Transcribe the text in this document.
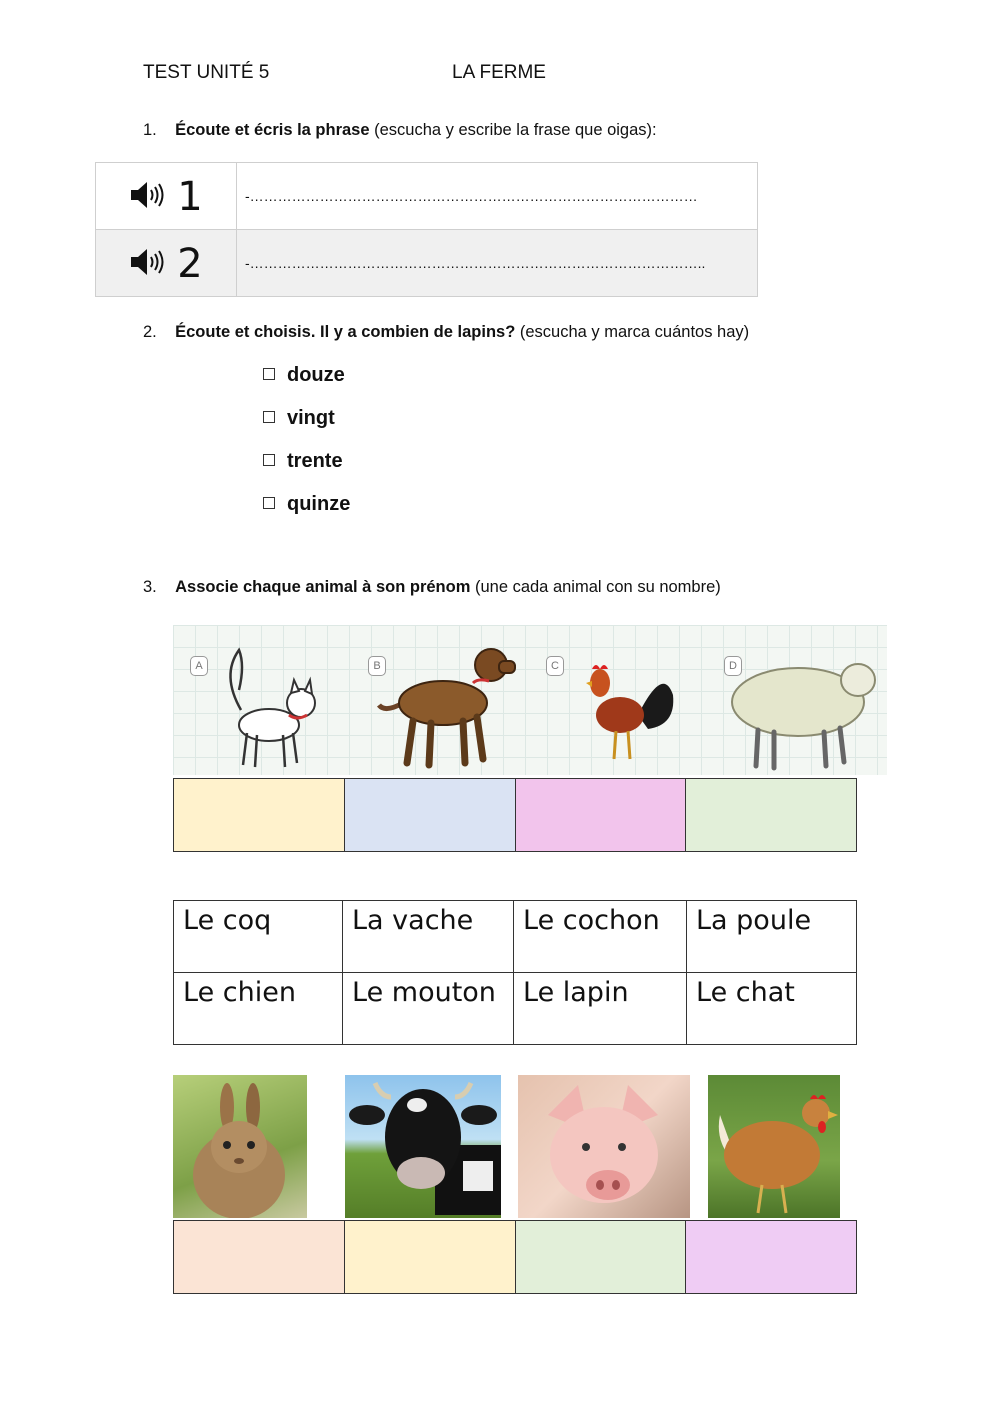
TEST UNITÉ 5	LA FERME
1. Écoute et écris la phrase (escucha y escribe la frase que oigas):
1	-……………………………………………………………………………………
2	-……………………………………………………………………………………..
2. Écoute et choisis. Il y a combien de lapins? (escucha y marca cuántos hay)
douze
vingt
trente
quinze
3. Associe chaque animal à son prénom (une cada animal con su nombre)
A	B	C	D
Le coq	La vache	Le cochon	La poule
Le chien	Le mouton	Le lapin	Le chat
